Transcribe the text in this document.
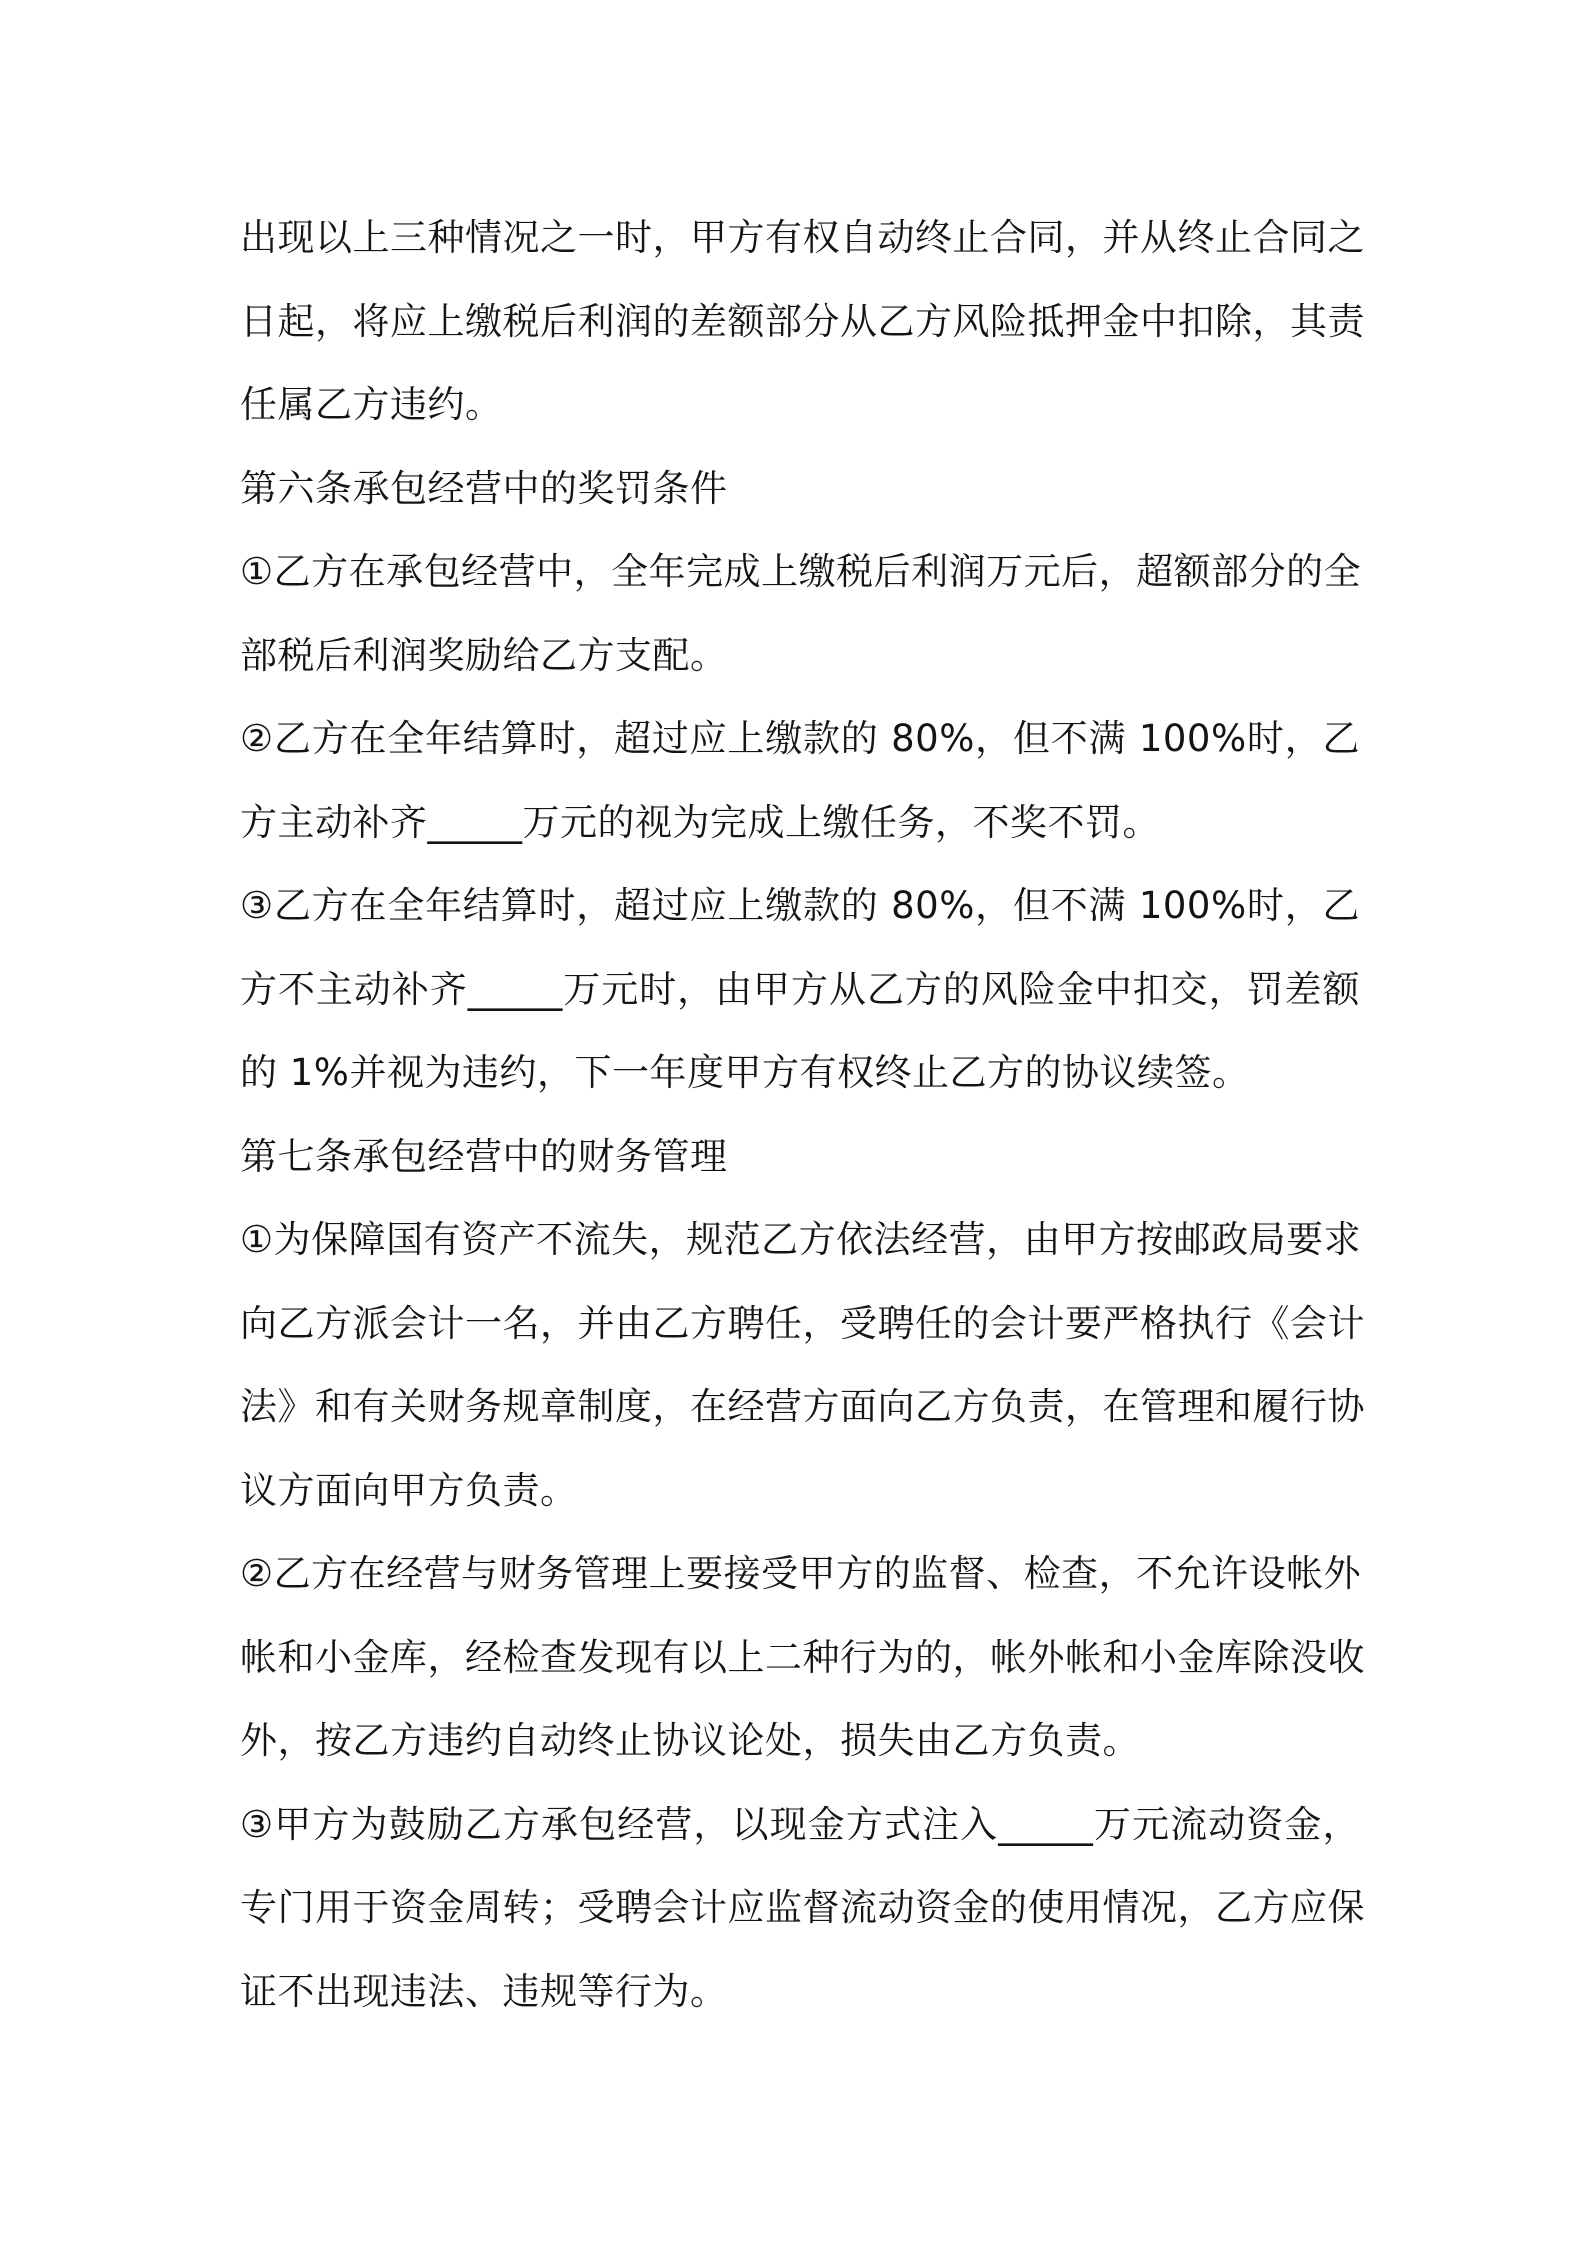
出现以上三种情况之一时，甲方有权自动终止合同，并从终止合同之
日起，将应上缴税后利润的差额部分从乙方风险抵押金中扣除，其责
任属乙方违约。
第六条承包经营中的奖罚条件
①乙方在承包经营中，全年完成上缴税后利润万元后，超额部分的全
部税后利润奖励给乙方支配。
②乙方在全年结算时，超过应上缴款的 80%，但不满 100%时，乙
方主动补齐_____万元的视为完成上缴任务，不奖不罚。
③乙方在全年结算时，超过应上缴款的 80%，但不满 100%时，乙
方不主动补齐_____万元时，由甲方从乙方的风险金中扣交，罚差额
的 1%并视为违约，下一年度甲方有权终止乙方的协议续签。
第七条承包经营中的财务管理
①为保障国有资产不流失，规范乙方依法经营，由甲方按邮政局要求
向乙方派会计一名，并由乙方聘任，受聘任的会计要严格执行《会计
法》和有关财务规章制度，在经营方面向乙方负责，在管理和履行协
议方面向甲方负责。
②乙方在经营与财务管理上要接受甲方的监督、检查，不允许设帐外
帐和小金库，经检查发现有以上二种行为的，帐外帐和小金库除没收
外，按乙方违约自动终止协议论处，损失由乙方负责。
③甲方为鼓励乙方承包经营，以现金方式注入_____万元流动资金，
专门用于资金周转；受聘会计应监督流动资金的使用情况，乙方应保
证不出现违法、违规等行为。
